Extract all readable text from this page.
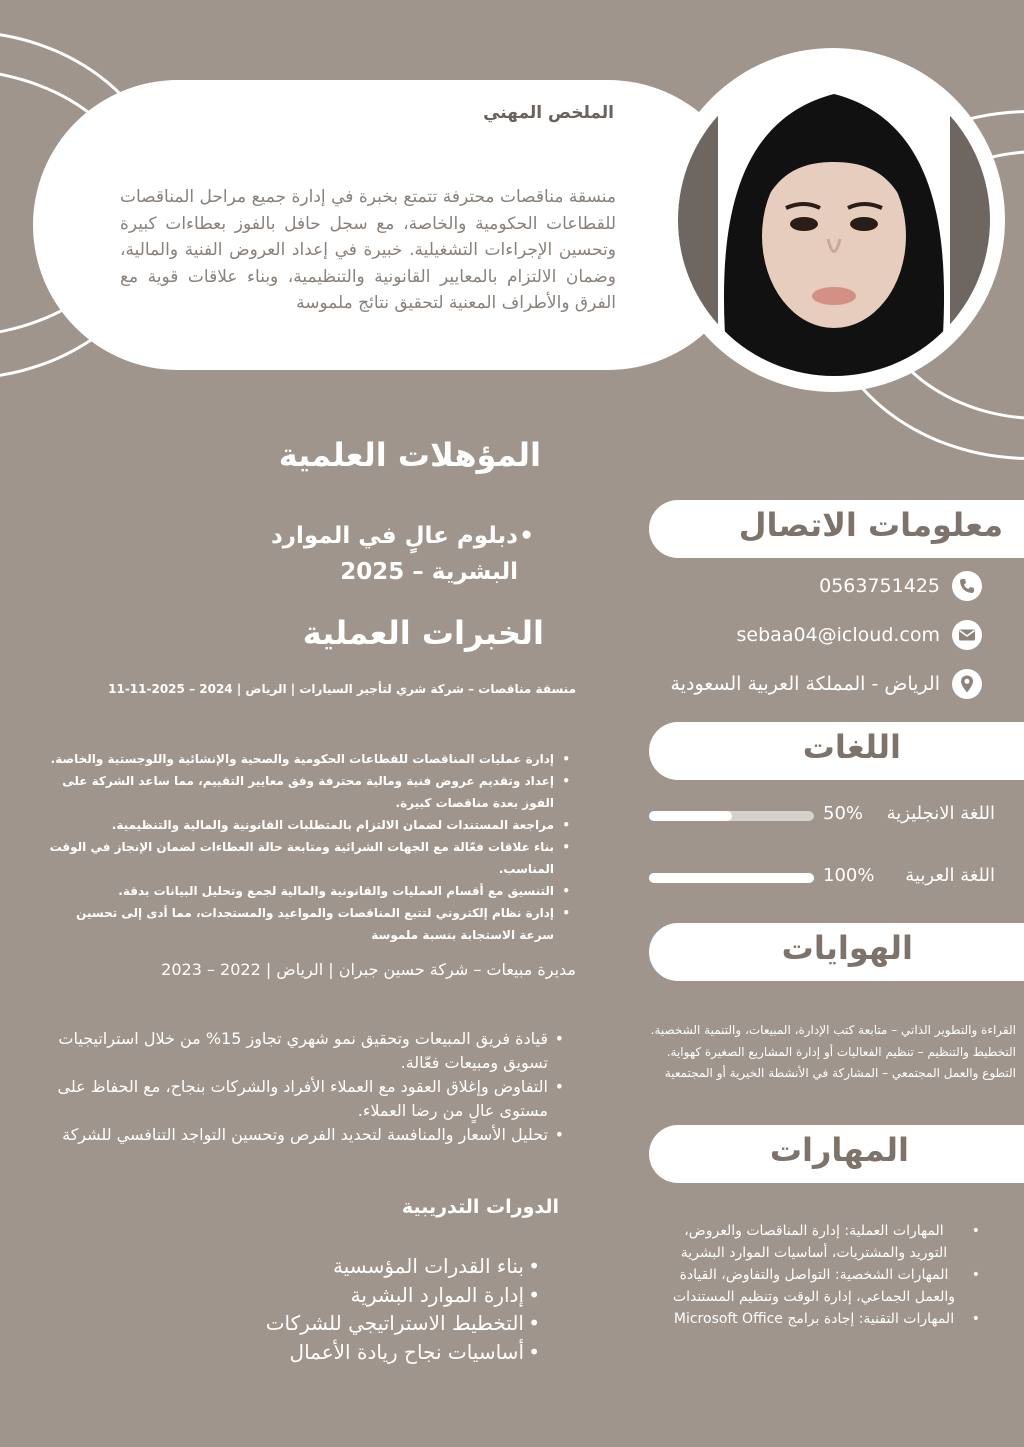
الملخص المهني
منسقة مناقصات محترفة تتمتع بخبرة في إدارة جميع مراحل المناقصات للقطاعات الحكومية والخاصة، مع سجل حافل بالفوز بعطاءات كبيرة وتحسين الإجراءات التشغيلية. خبيرة في إعداد العروض الفنية والمالية، وضمان الالتزام بالمعايير القانونية والتنظيمية، وبناء علاقات قوية مع الفرق والأطراف المعنية لتحقيق نتائج ملموسة
المؤهلات العلمية
• دبلوم عالٍ في الموارد البشرية – 2025
الخبرات العملية
منسقة مناقصات – شركة شري لتأجير السيارات | الرياض | 2024 – 2025-11-11
• إدارة عمليات المناقصات للقطاعات الحكومية والصحية والإنشائية واللوجستية والخاصة.
• إعداد وتقديم عروض فنية ومالية محترفة وفق معايير التقييم، مما ساعد الشركة على الفوز بعدة مناقصات كبيرة.
• مراجعة المستندات لضمان الالتزام بالمتطلبات القانونية والمالية والتنظيمية.
• بناء علاقات فعّالة مع الجهات الشرائية ومتابعة حالة العطاءات لضمان الإنجاز في الوقت المناسب.
• التنسيق مع أقسام العمليات والقانونية والمالية لجمع وتحليل البيانات بدقة.
• إدارة نظام إلكتروني لتتبع المناقصات والمواعيد والمستجدات، مما أدى إلى تحسين سرعة الاستجابة بنسبة ملموسة
مديرة مبيعات – شركة حسين جبران | الرياض | 2022 – 2023
• قيادة فريق المبيعات وتحقيق نمو شهري تجاوز 15% من خلال استراتيجيات تسويق ومبيعات فعّالة.
• التفاوض وإغلاق العقود مع العملاء الأفراد والشركات بنجاح، مع الحفاظ على مستوى عالٍ من رضا العملاء.
• تحليل الأسعار والمنافسة لتحديد الفرص وتحسين التواجد التنافسي للشركة
الدورات التدريبية
• بناء القدرات المؤسسية
• إدارة الموارد البشرية
• التخطيط الاستراتيجي للشركات
• أساسيات نجاح ريادة الأعمال
معلومات الاتصال
0563751425
sebaa04@icloud.com
الرياض - المملكة العربية السعودية
اللغات
50% اللغة الانجليزية
100% اللغة العربية
الهوايات
القراءة والتطوير الذاتي – متابعة كتب الإدارة، المبيعات، والتنمية الشخصية.
التخطيط والتنظيم – تنظيم الفعاليات أو إدارة المشاريع الصغيرة كهواية.
التطوع والعمل المجتمعي – المشاركة في الأنشطة الخيرية أو المجتمعية
المهارات
• المهارات العملية: إدارة المناقصات والعروض، التوريد والمشتريات، أساسيات الموارد البشرية
• المهارات الشخصية: التواصل والتفاوض، القيادة والعمل الجماعي، إدارة الوقت وتنظيم المستندات
• المهارات التقنية: إجادة برامج Microsoft Office
